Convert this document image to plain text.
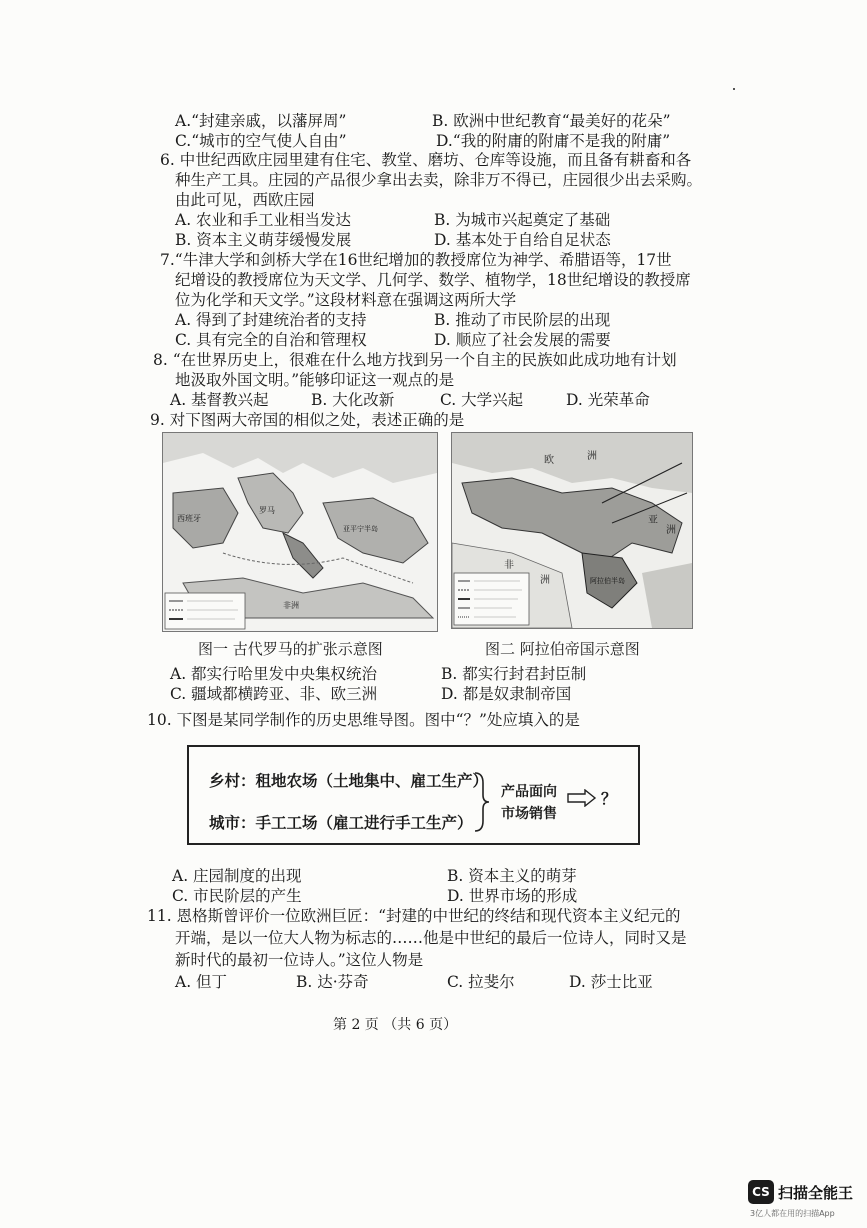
A.“封建亲戚，以藩屏周”	B. 欧洲中世纪教育“最美好的花朵”
C.“城市的空气使人自由”	D.“我的附庸的附庸不是我的附庸”
6. 中世纪西欧庄园里建有住宅、教堂、磨坊、仓库等设施，而且备有耕畜和各
种生产工具。庄园的产品很少拿出去卖，除非万不得已，庄园很少出去采购。
由此可见，西欧庄园
A. 农业和手工业相当发达	B. 为城市兴起奠定了基础
B. 资本主义萌芽缓慢发展	D. 基本处于自给自足状态
7.“牛津大学和剑桥大学在16世纪增加的教授席位为神学、希腊语等，17世
纪增设的教授席位为天文学、几何学、数学、植物学，18世纪增设的教授席
位为化学和天文学。”这段材料意在强调这两所大学
A. 得到了封建统治者的支持	B. 推动了市民阶层的出现
C. 具有完全的自治和管理权	D. 顺应了社会发展的需要
8. “在世界历史上，很难在什么地方找到另一个自主的民族如此成功地有计划
地汲取外国文明。”能够印证这一观点的是
A. 基督教兴起	B. 大化改新	C. 大学兴起	D. 光荣革命
9. 对下图两大帝国的相似之处，表述正确的是
西班牙
罗马
亚平宁半岛
非洲
欧	洲
亚
洲
非
洲	阿拉伯半岛
图一 古代罗马的扩张示意图	图二 阿拉伯帝国示意图
A. 都实行哈里发中央集权统治	B. 都实行封君封臣制
C. 疆域都横跨亚、非、欧三洲	D. 都是奴隶制帝国
10. 下图是某同学制作的历史思维导图。图中“？”处应填入的是
乡村：租地农场（土地集中、雇工生产）
城市：手工工场（雇工进行手工生产）
产品面向
市场销售
？
A. 庄园制度的出现	B. 资本主义的萌芽
C. 市民阶层的产生	D. 世界市场的形成
11. 恩格斯曾评价一位欧洲巨匠：“封建的中世纪的终结和现代资本主义纪元的
开端，是以一位大人物为标志的……他是中世纪的最后一位诗人，同时又是
新时代的最初一位诗人。”这位人物是
A. 但丁	B. 达·芬奇	C. 拉斐尔	D. 莎士比亚
第 2 页 （共 6 页）
CS 扫描全能王
3亿人都在用的扫描App
